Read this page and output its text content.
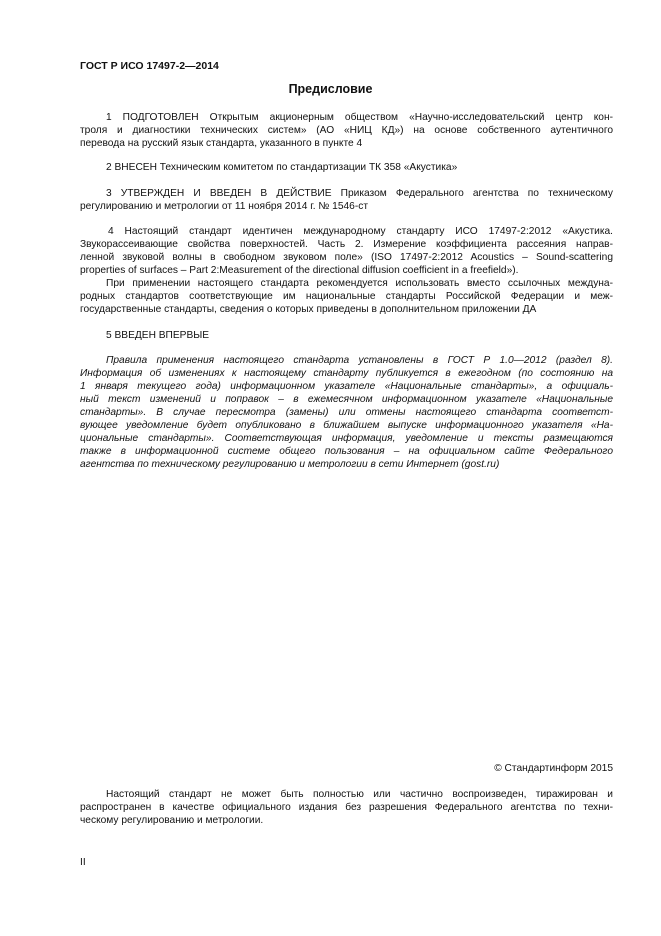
ГОСТ Р ИСО 17497-2—2014
Предисловие
1 ПОДГОТОВЛЕН Открытым акционерным обществом «Научно-исследовательский центр кон-
троля и диагностики технических систем» (АО «НИЦ КД») на основе собственного аутентичного
перевода на русский язык стандарта, указанного в пункте 4
2 ВНЕСЕН Техническим комитетом по стандартизации ТК 358 «Акустика»
3 УТВЕРЖДЕН И ВВЕДЕН В ДЕЙСТВИЕ Приказом Федерального агентства по техническому
регулированию и метрологии от 11 ноября 2014 г. № 1546-ст
4 Настоящий стандарт идентичен международному стандарту ИСО 17497-2:2012 «Акустика.
Звукорассеивающие свойства поверхностей. Часть 2. Измерение коэффициента рассеяния направ-
ленной звуковой волны в свободном звуковом поле» (ISO 17497-2:2012 Acoustics – Sound-scattering
properties of surfaces – Part 2:Measurement of the directional diffusion coefficient in a freefield»).
При применении настоящего стандарта рекомендуется использовать вместо ссылочных междуна-
родных стандартов соответствующие им национальные стандарты Российской Федерации и меж-
государственные стандарты, сведения о которых приведены в дополнительном приложении ДА
5 ВВЕДЕН ВПЕРВЫЕ
Правила применения настоящего стандарта установлены в ГОСТ Р 1.0—2012 (раздел 8).
Информация об изменениях к настоящему стандарту публикуется в ежегодном (по состоянию на
1 января текущего года) информационном указателе «Национальные стандарты», а официаль-
ный текст изменений и поправок – в ежемесячном информационном указателе «Национальные
стандарты». В случае пересмотра (замены) или отмены настоящего стандарта соответст-
вующее уведомление будет опубликовано в ближайшем выпуске информационного указателя «На-
циональные стандарты». Соответствующая информация, уведомление и тексты размещаются
также в информационной системе общего пользования – на официальном сайте Федерального
агентства по техническому регулированию и метрологии в сети Интернет (gost.ru)
© Стандартинформ 2015
Настоящий стандарт не может быть полностью или частично воспроизведен, тиражирован и
распространен в качестве официального издания без разрешения Федерального агентства по техни-
ческому регулированию и метрологии.
II
